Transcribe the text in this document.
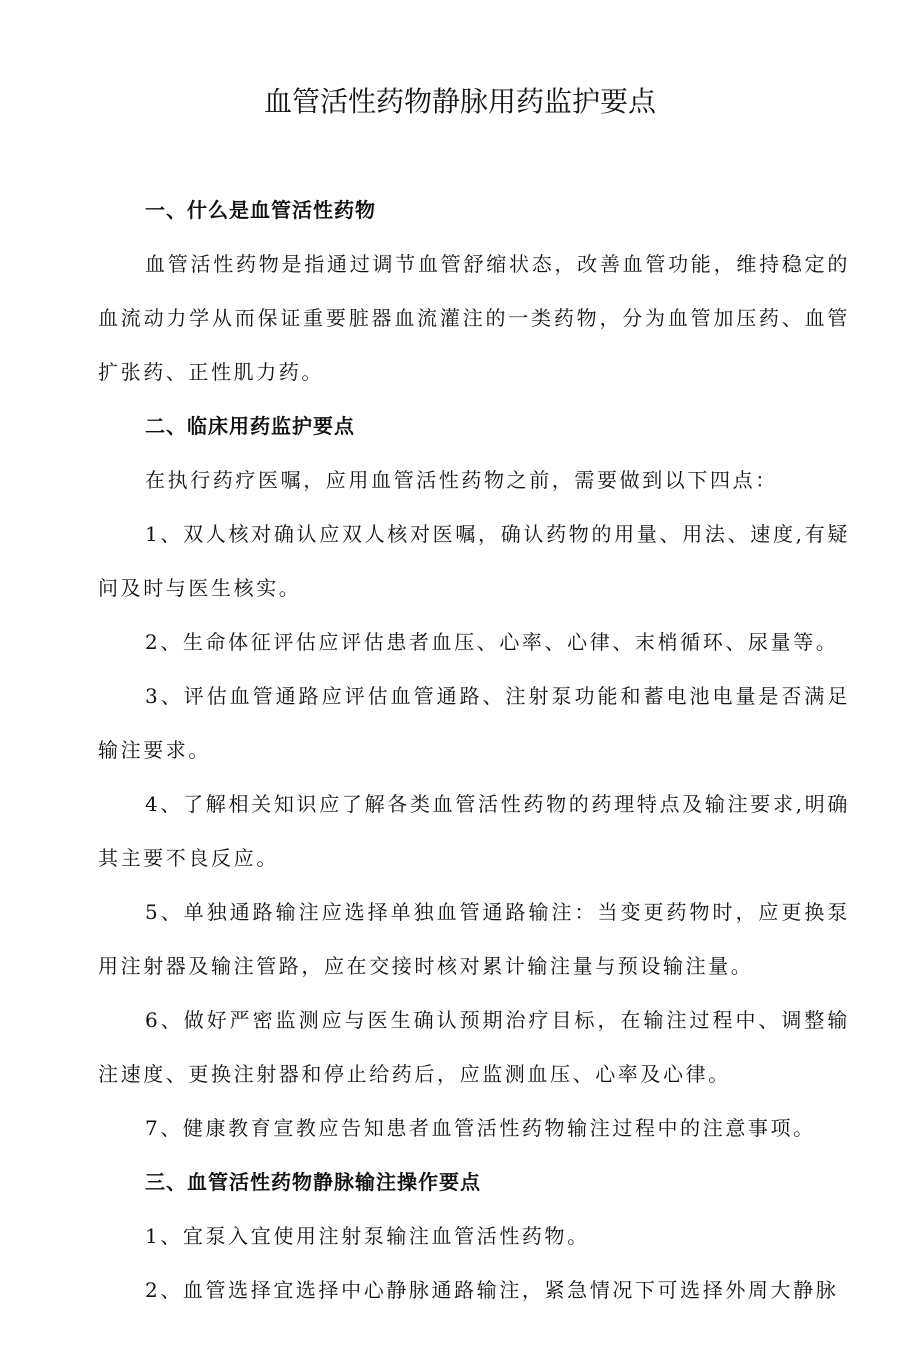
血管活性药物静脉用药监护要点

一、什么是血管活性药物

血管活性药物是指通过调节血管舒缩状态，改善血管功能，维持稳定的血流动力学从而保证重要脏器血流灌注的一类药物，分为血管加压药、血管扩张药、正性肌力药。

二、临床用药监护要点

在执行药疗医嘱，应用血管活性药物之前，需要做到以下四点：

1、双人核对确认应双人核对医嘱，确认药物的用量、用法、速度,有疑问及时与医生核实。

2、生命体征评估应评估患者血压、心率、心律、末梢循环、尿量等。

3、评估血管通路应评估血管通路、注射泵功能和蓄电池电量是否满足输注要求。

4、了解相关知识应了解各类血管活性药物的药理特点及输注要求,明确其主要不良反应。

5、单独通路输注应选择单独血管通路输注：当变更药物时，应更换泵用注射器及输注管路，应在交接时核对累计输注量与预设输注量。

6、做好严密监测应与医生确认预期治疗目标，在输注过程中、调整输注速度、更换注射器和停止给药后，应监测血压、心率及心律。

7、健康教育宣教应告知患者血管活性药物输注过程中的注意事项。

三、血管活性药物静脉输注操作要点

1、宜泵入宜使用注射泵输注血管活性药物。

2、血管选择宜选择中心静脉通路输注，紧急情况下可选择外周大静脉
